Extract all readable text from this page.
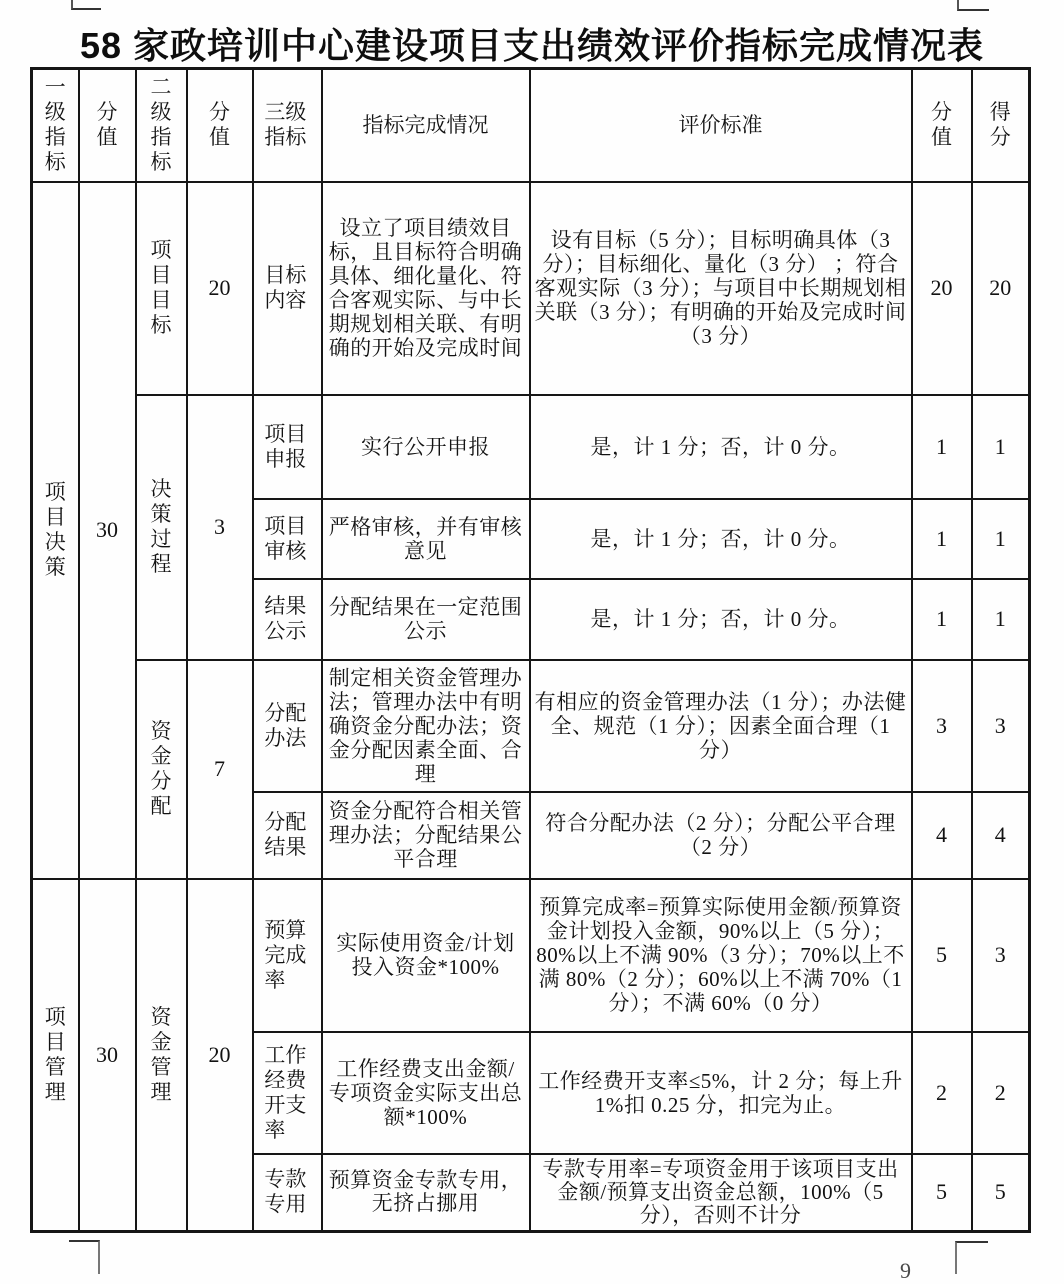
58 家政培训中心建设项目支出绩效评价指标完成情况表
一级指标	分值	二级指标	分值	三级指标	指标完成情况	评价标准	分值	得分
项目决策	30	项目目标	20	目标内容	设立了项目绩效目标，且目标符合明确具体、细化量化、符合客观实际、与中长期规划相关联、有明确的开始及完成时间	设有目标（5 分）；目标明确具体（3 分）；目标细化、量化（3 分） ；符合客观实际（3 分）；与项目中长期规划相关联（3 分）；有明确的开始及完成时间（3 分）	20	20
		决策过程	3	项目申报	实行公开申报	是，计 1 分；否，计 0 分。	1	1
				项目审核	严格审核，并有审核意见	是，计 1 分；否，计 0 分。	1	1
				结果公示	分配结果在一定范围公示	是，计 1 分；否，计 0 分。	1	1
		资金分配	7	分配办法	制定相关资金管理办法；管理办法中有明确资金分配办法；资金分配因素全面、合理	有相应的资金管理办法（1 分）；办法健全、规范（1 分）；因素全面合理（1 分）	3	3
				分配结果	资金分配符合相关管理办法；分配结果公平合理	符合分配办法（2 分）；分配公平合理（2 分）	4	4
项目管理	30	资金管理	20	预算完成率	实际使用资金/计划投入资金*100%	预算完成率=预算实际使用金额/预算资金计划投入金额，90%以上（5 分）；80%以上不满 90%（3 分）；70%以上不满 80%（2 分）；60%以上不满 70%（1 分）；不满 60%（0 分）	5	3
				工作经费开支率	工作经费支出金额/专项资金实际支出总额*100%	工作经费开支率≤5%，计 2 分；每上升 1%扣 0.25 分，扣完为止。	2	2
				专款专用	预算资金专款专用，无挤占挪用	专款专用率=专项资金用于该项目支出金额/预算支出资金总额，100%（5 分），否则不计分	5	5
9
